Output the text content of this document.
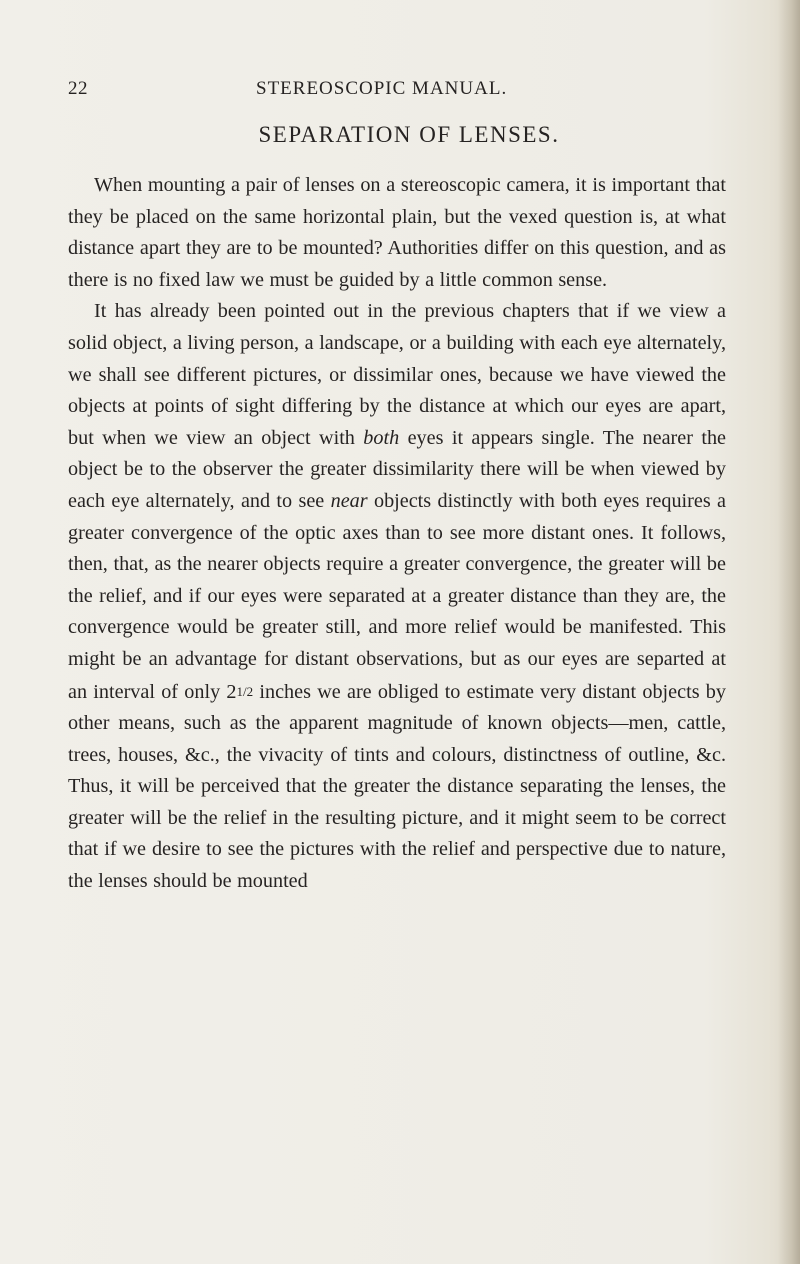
22	STEREOSCOPIC MANUAL.
SEPARATION OF LENSES.

When mounting a pair of lenses on a stereoscopic camera, it is important that they be placed on the same horizontal plain, but the vexed question is, at what distance apart they are to be mounted? Authorities differ on this question, and as there is no fixed law we must be guided by a little common sense.

It has already been pointed out in the previous chapters that if we view a solid object, a living person, a landscape, or a building with each eye alternately, we shall see different pictures, or dissimilar ones, because we have viewed the objects at points of sight differing by the distance at which our eyes are apart, but when we view an object with both eyes it appears single. The nearer the object be to the observer the greater dissimilarity there will be when viewed by each eye alternately, and to see near objects distinctly with both eyes requires a greater convergence of the optic axes than to see more distant ones. It follows, then, that, as the nearer objects require a greater convergence, the greater will be the relief, and if our eyes were separated at a greater distance than they are, the convergence would be greater still, and more relief would be manifested. This might be an advantage for distant observations, but as our eyes are separted at an interval of only 21/2 inches we are obliged to estimate very distant objects by other means, such as the apparent magnitude of known objects—men, cattle, trees, houses, &c., the vivacity of tints and colours, distinctness of outline, &c. Thus, it will be perceived that the greater the distance separating the lenses, the greater will be the relief in the resulting picture, and it might seem to be correct that if we desire to see the pictures with the relief and perspective due to nature, the lenses should be mounted
